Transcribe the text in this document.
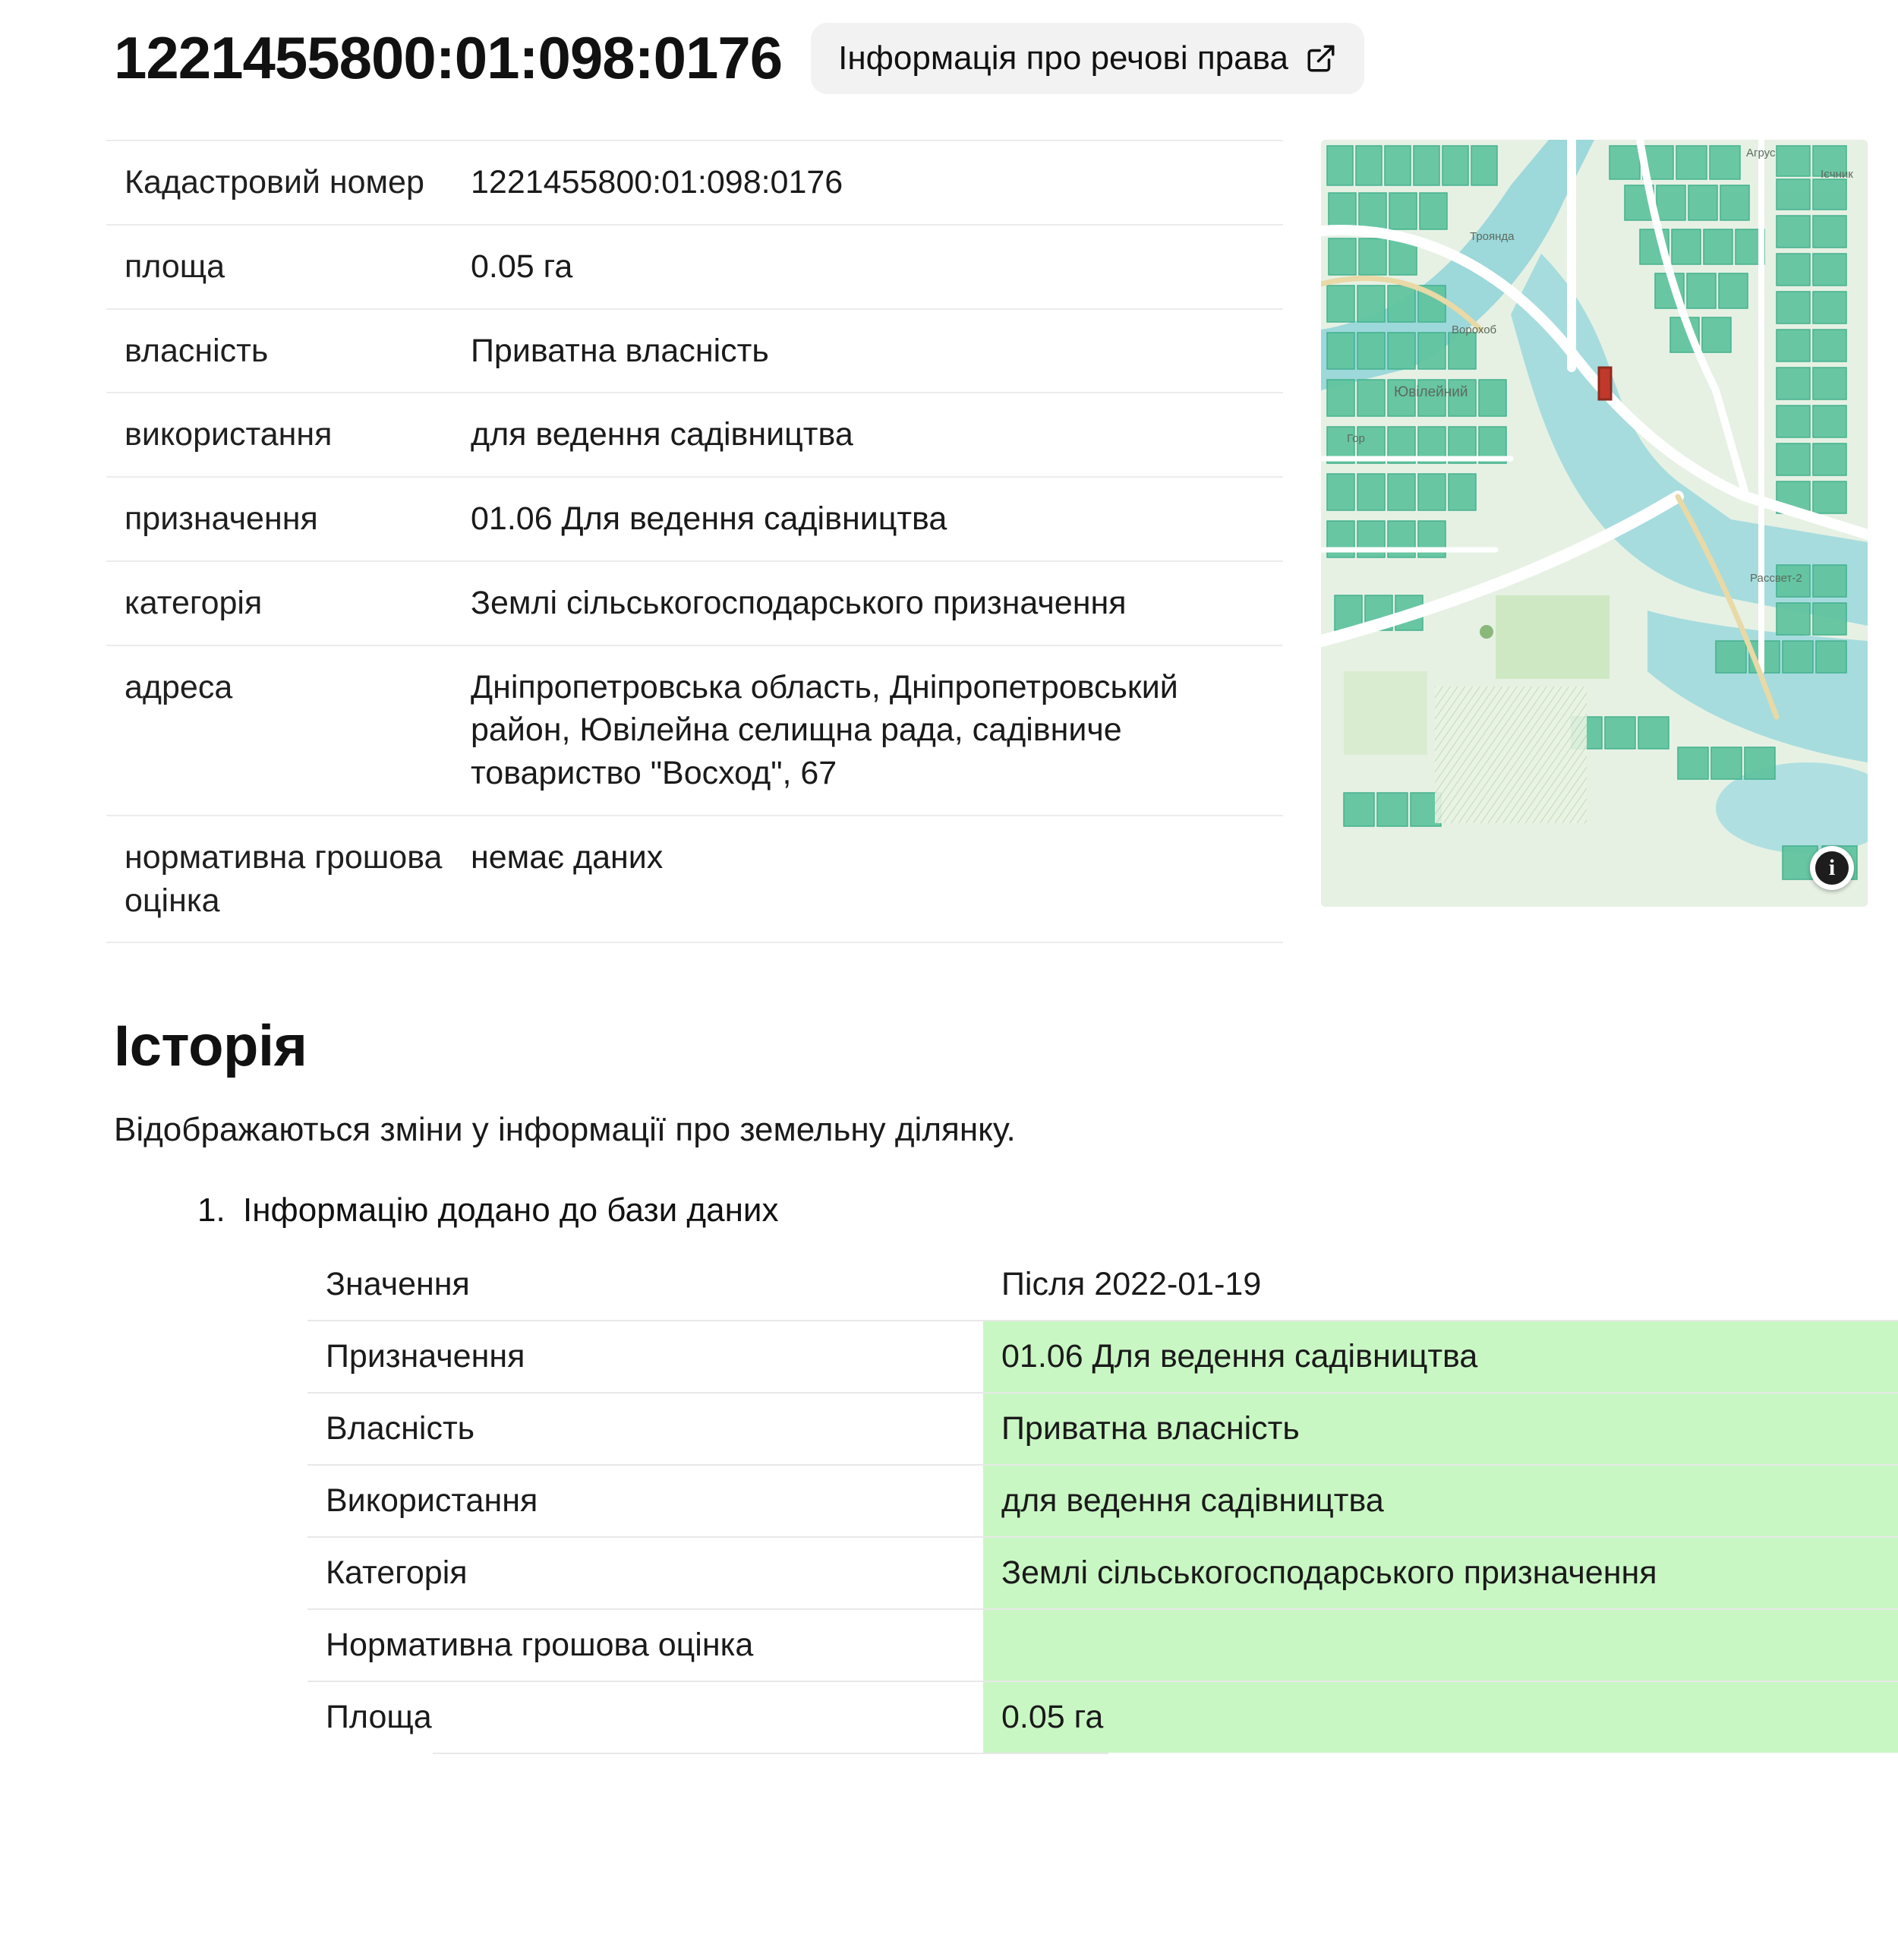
1221455800:01:098:0176 Інформація про речові права
Кадастровий номер	1221455800:01:098:0176
площа	0.05 га
власність	Приватна власність
використання	для ведення садівництва
призначення	01.06 Для ведення садівництва
категорія	Землі сільськогосподарського призначення
адреса	Дніпропетровська область, Дніпропетровський район, Ювілейна селищна рада, садівниче товариство "Восход", 67
нормативна грошова оцінка	немає даних
Агрус
Ієчник
Троянда
Ворохоб
Ювілейний
Гор
Рассвет-2
i
Історія

Відображаються зміни у інформації про земельну ділянку.

1. Інформацію додано до бази даних
Значення	Після 2022-01-19
Призначення	01.06 Для ведення садівництва
Власність	Приватна власність
Використання	для ведення садівництва
Категорія	Землі сільськогосподарського призначення
Нормативна грошова оцінка	
Площа	0.05 га
